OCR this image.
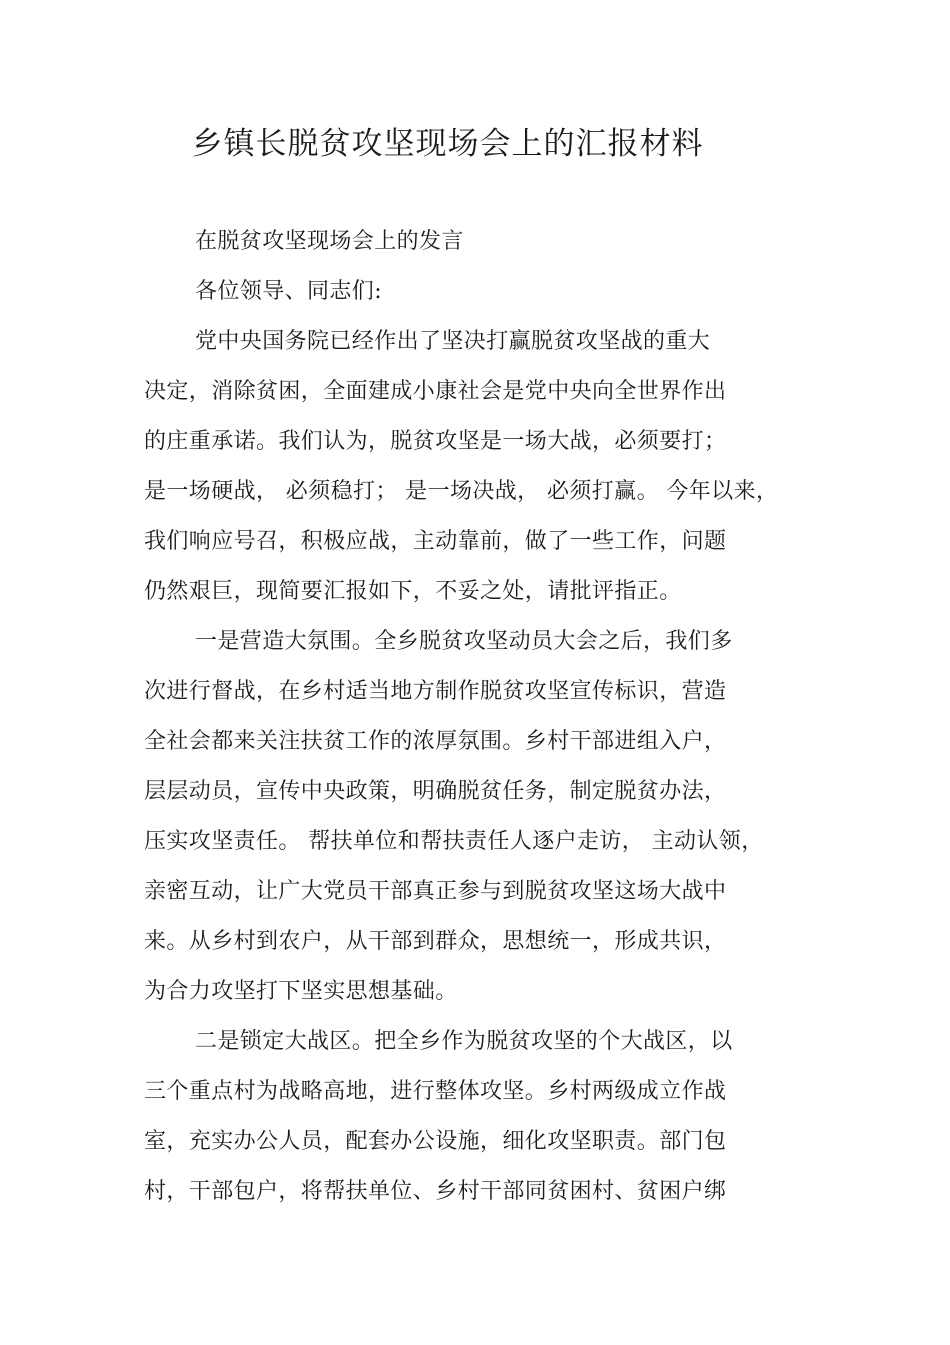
乡镇长脱贫攻坚现场会上的汇报材料
在脱贫攻坚现场会上的发言
各位领导、同志们:
党中央国务院已经作出了坚决打赢脱贫攻坚战的重大
决定，消除贫困，全面建成小康社会是党中央向全世界作出
的庄重承诺。我们认为，脱贫攻坚是一场大战，必须要打；
是一场硬战， 必须稳打； 是一场决战， 必须打赢。 今年以来，
我们响应号召，积极应战，主动靠前，做了一些工作，问题
仍然艰巨，现简要汇报如下，不妥之处，请批评指正。
一是营造大氛围。全乡脱贫攻坚动员大会之后，我们多
次进行督战，在乡村适当地方制作脱贫攻坚宣传标识，营造
全社会都来关注扶贫工作的浓厚氛围。乡村干部进组入户，
层层动员，宣传中央政策，明确脱贫任务，制定脱贫办法，
压实攻坚责任。 帮扶单位和帮扶责任人逐户走访， 主动认领，
亲密互动，让广大党员干部真正参与到脱贫攻坚这场大战中
来。从乡村到农户，从干部到群众，思想统一，形成共识，
为合力攻坚打下坚实思想基础。
二是锁定大战区。把全乡作为脱贫攻坚的个大战区，以
三个重点村为战略高地，进行整体攻坚。乡村两级成立作战
室，充实办公人员，配套办公设施，细化攻坚职责。部门包
村，干部包户，将帮扶单位、乡村干部同贫困村、贫困户绑
